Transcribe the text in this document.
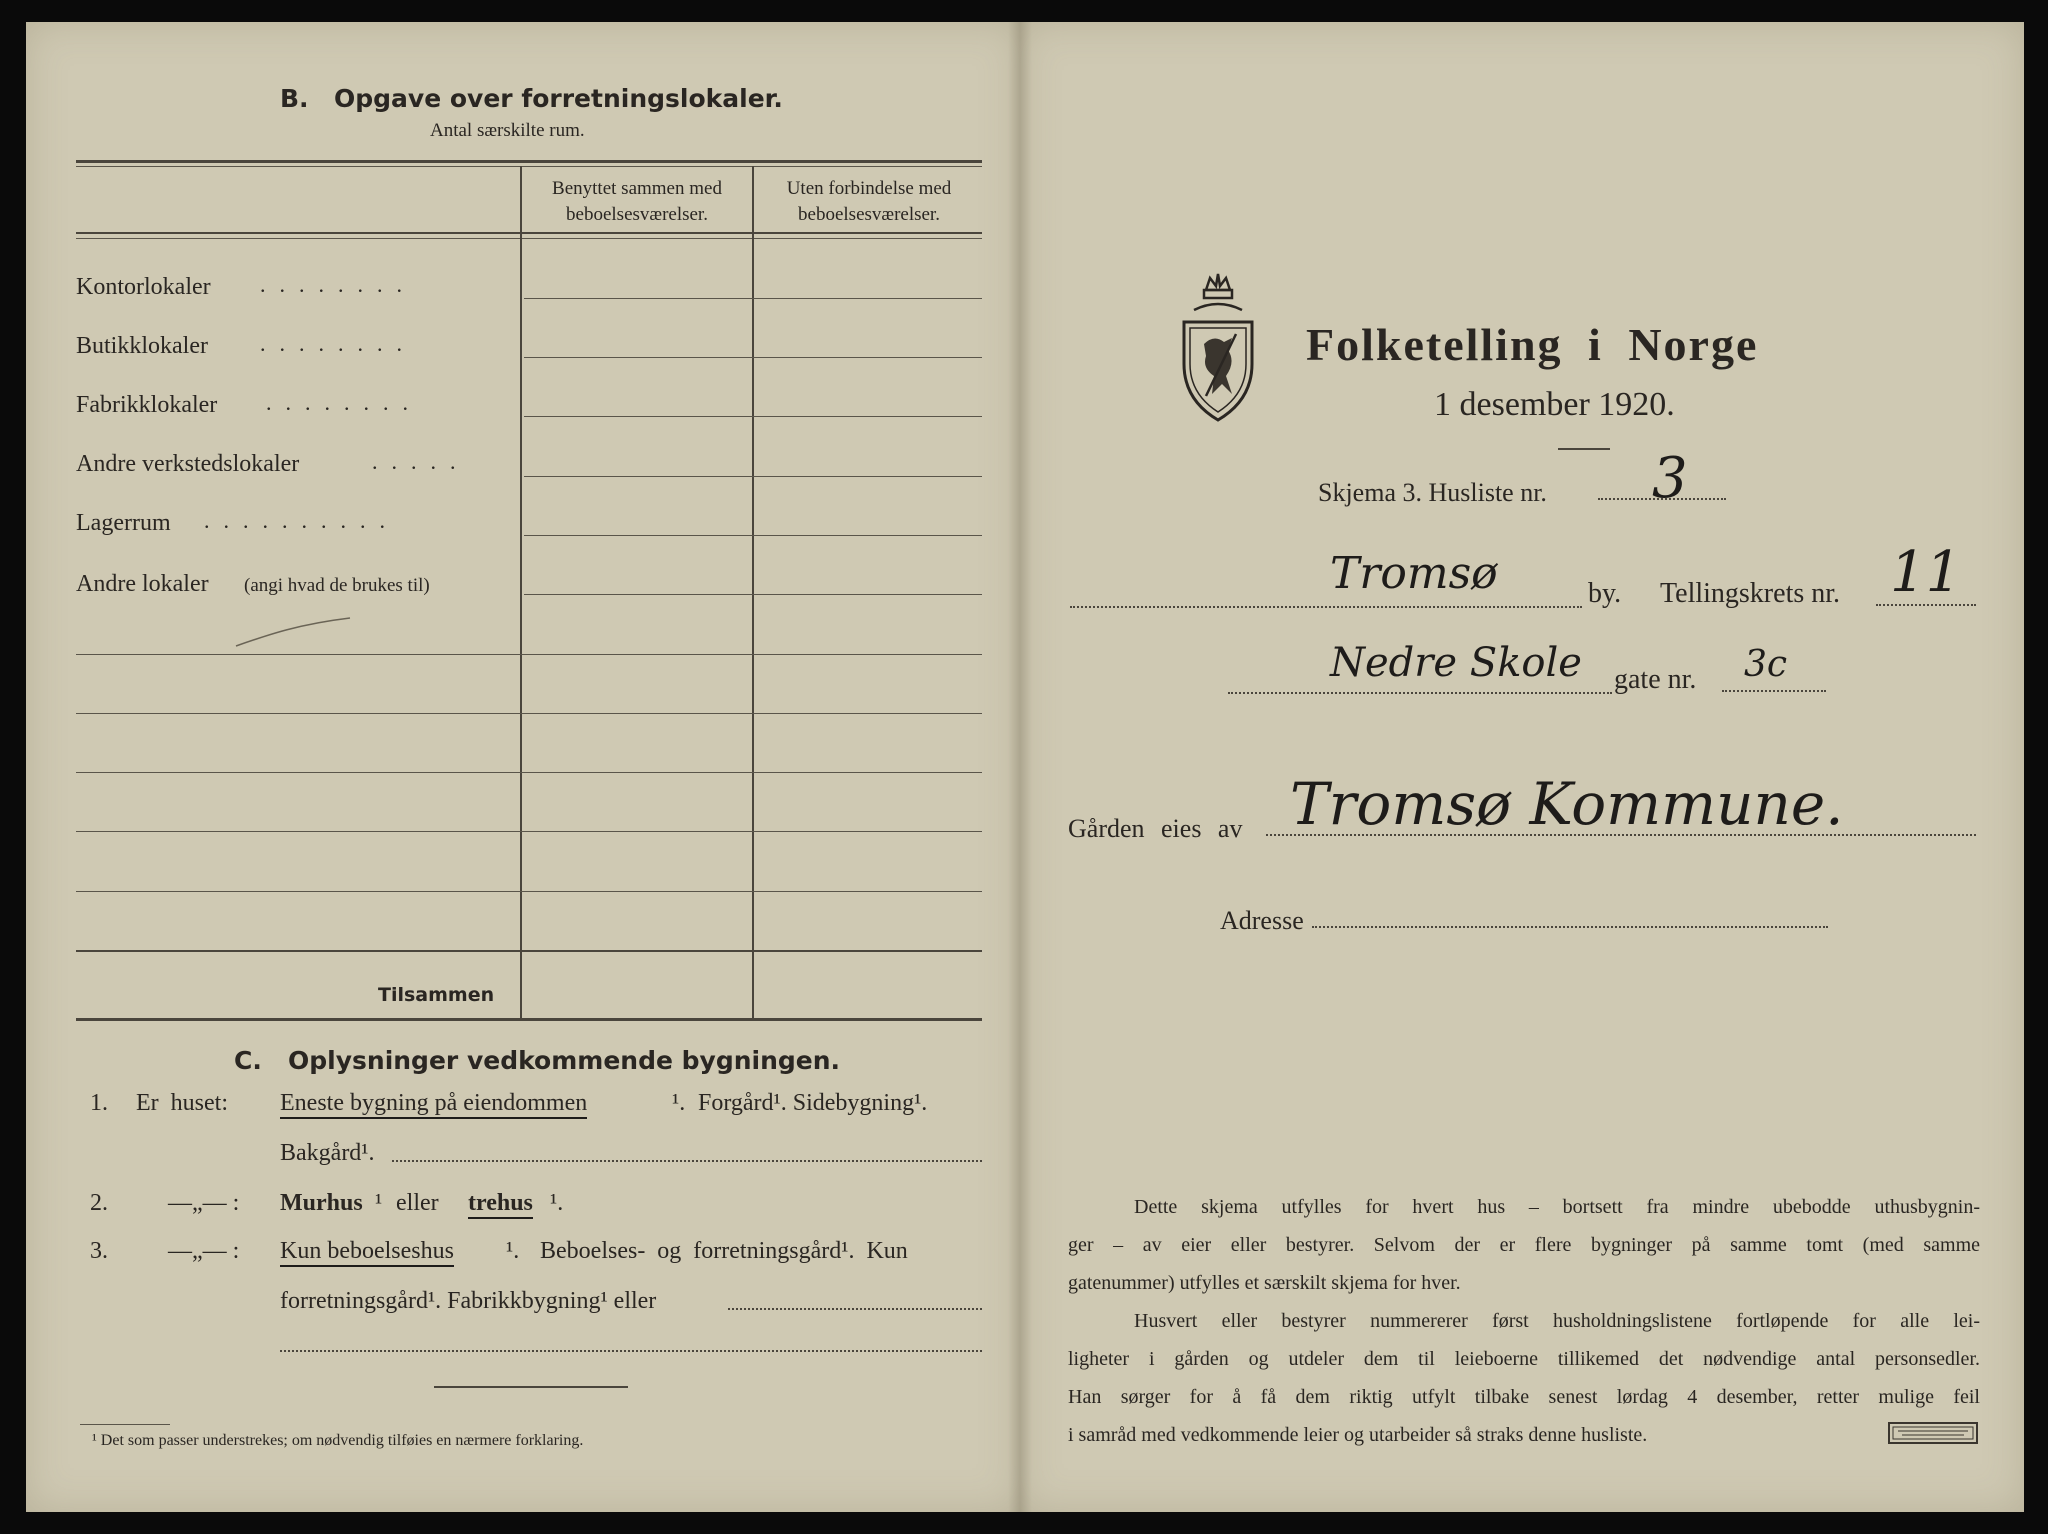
B. Opgave over forretningslokaler.
Antal særskilte rum.
Benyttet sammen med
beboelsesværelser.
Uten forbindelse med
beboelsesværelser.
Kontorlokaler ........
Butikklokaler ........
Fabrikklokaler ........
Andre verkstedslokaler	.....
Lagerrum ..........
Andre lokaler (angi hvad de brukes til)
Tilsammen
C. Oplysninger vedkommende bygningen.
1. Er huset: Eneste bygning på eiendommen	¹. Forgård¹. Sidebygning¹.
Bakgård¹.
2.	—„— : Murhus ¹ eller trehus ¹.
3.	—„— : Kun beboelseshus ¹. Beboelses- og forretningsgård¹. Kun
forretningsgård¹. Fabrikkbygning¹ eller
¹ Det som passer understrekes; om nødvendig tilføies en nærmere forklaring.
Folketelling i Norge
1 desember 1920.
Skjema 3. Husliste nr. 3
Tromsø	by. Tellingskrets nr. 11
Nedre Skole gate nr. 3c
Gården eies av Tromsø Kommune.
Adresse
Dette skjema utfylles for hvert hus – bortsett fra mindre ubebodde uthusbygnin-
ger – av eier eller bestyrer. Selvom der er flere bygninger på samme tomt (med samme
gatenummer) utfylles et særskilt skjema for hver.
Husvert eller bestyrer nummererer først husholdningslistene fortløpende for alle lei-
ligheter i gården og utdeler dem til leieboerne tillikemed det nødvendige antal personsedler.
Han sørger for å få dem riktig utfylt tilbake senest lørdag 4 desember, retter mulige feil
i samråd med vedkommende leier og utarbeider så straks denne husliste.
